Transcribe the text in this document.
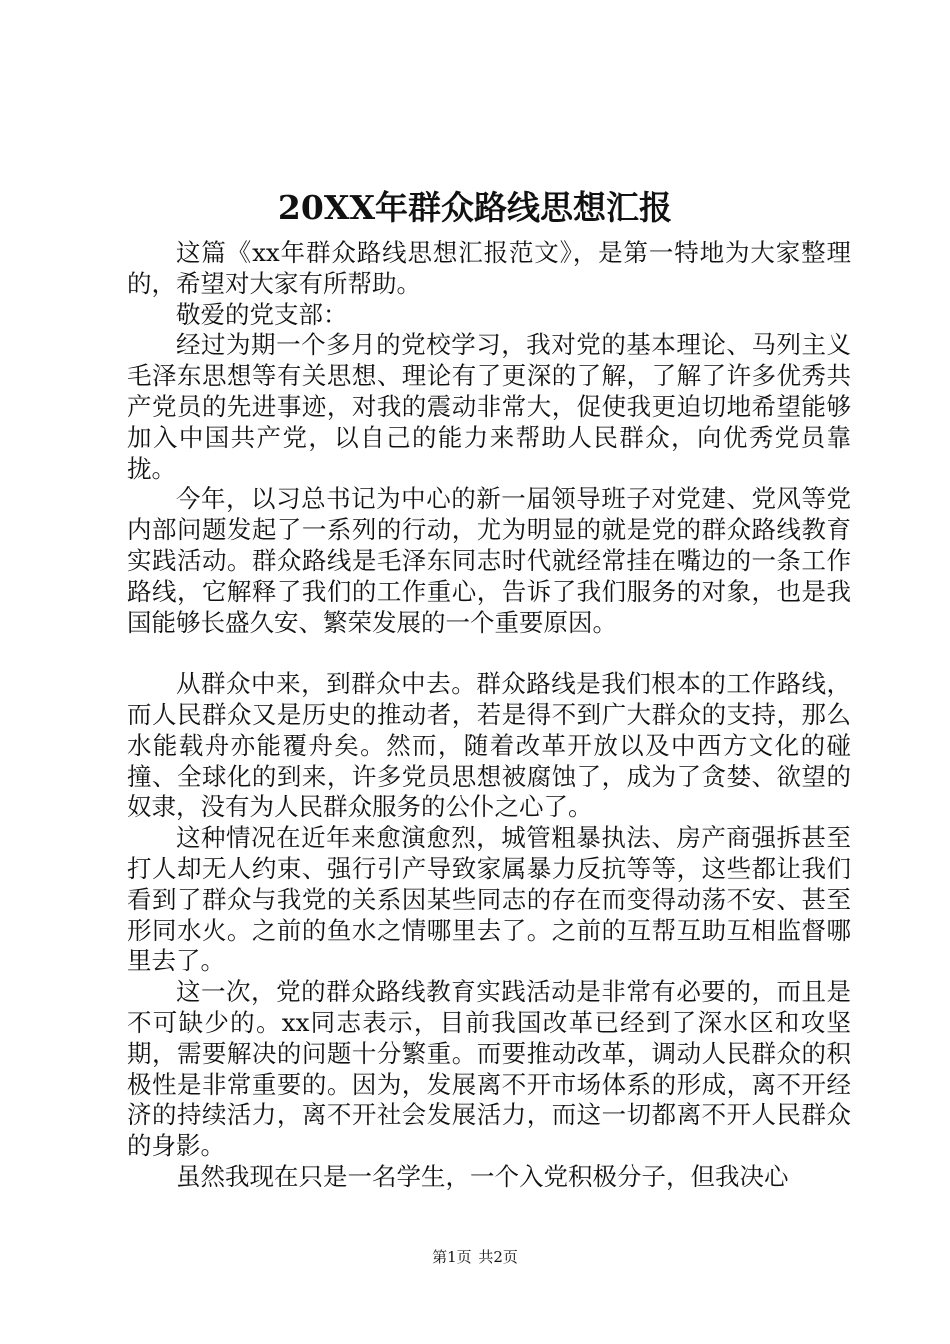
20XX年群众路线思想汇报

这篇《xx年群众路线思想汇报范文》，是第一特地为大家整理的，希望对大家有所帮助。

敬爱的党支部：

经过为期一个多月的党校学习，我对党的基本理论、马列主义毛泽东思想等有关思想、理论有了更深的了解，了解了许多优秀共产党员的先进事迹，对我的震动非常大，促使我更迫切地希望能够加入中国共产党，以自己的能力来帮助人民群众，向优秀党员靠拢。

今年，以习总书记为中心的新一届领导班子对党建、党风等党内部问题发起了一系列的行动，尤为明显的就是党的群众路线教育实践活动。群众路线是毛泽东同志时代就经常挂在嘴边的一条工作路线，它解释了我们的工作重心，告诉了我们服务的对象，也是我国能够长盛久安、繁荣发展的一个重要原因。

从群众中来，到群众中去。群众路线是我们根本的工作路线，而人民群众又是历史的推动者，若是得不到广大群众的支持，那么水能载舟亦能覆舟矣。然而，随着改革开放以及中西方文化的碰撞、全球化的到来，许多党员思想被腐蚀了，成为了贪婪、欲望的奴隶，没有为人民群众服务的公仆之心了。

这种情况在近年来愈演愈烈，城管粗暴执法、房产商强拆甚至打人却无人约束、强行引产导致家属暴力反抗等等，这些都让我们看到了群众与我党的关系因某些同志的存在而变得动荡不安、甚至形同水火。之前的鱼水之情哪里去了。之前的互帮互助互相监督哪里去了。

这一次，党的群众路线教育实践活动是非常有必要的，而且是不可缺少的。xx同志表示，目前我国改革已经到了深水区和攻坚期，需要解决的问题十分繁重。而要推动改革，调动人民群众的积极性是非常重要的。因为，发展离不开市场体系的形成，离不开经济的持续活力，离不开社会发展活力，而这一切都离不开人民群众的身影。

虽然我现在只是一名学生，一个入党积极分子，但我决心

第1页 共2页
